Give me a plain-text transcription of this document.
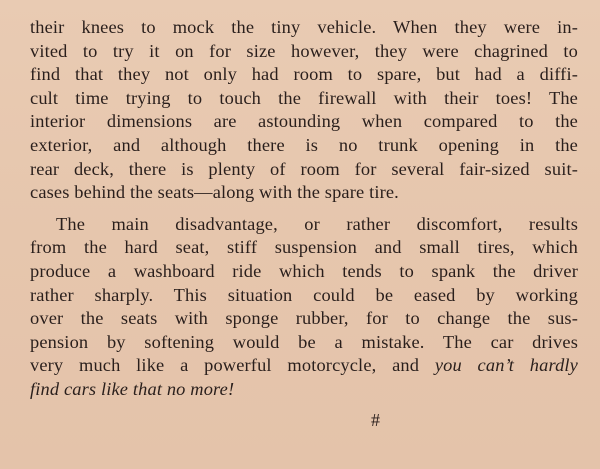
their knees to mock the tiny vehicle. When they were in-
vited to try it on for size however, they were chagrined to
find that they not only had room to spare, but had a diffi-
cult time trying to touch the firewall with their toes! The
interior dimensions are astounding when compared to the
exterior, and although there is no trunk opening in the
rear deck, there is plenty of room for several fair-sized suit-
cases behind the seats—along with the spare tire.

The main disadvantage, or rather discomfort, results
from the hard seat, stiff suspension and small tires, which
produce a washboard ride which tends to spank the driver
rather sharply. This situation could be eased by working
over the seats with sponge rubber, for to change the sus-
pension by softening would be a mistake. The car drives
very much like a powerful motorcycle, and you can’t hardly
find cars like that no more!

#
